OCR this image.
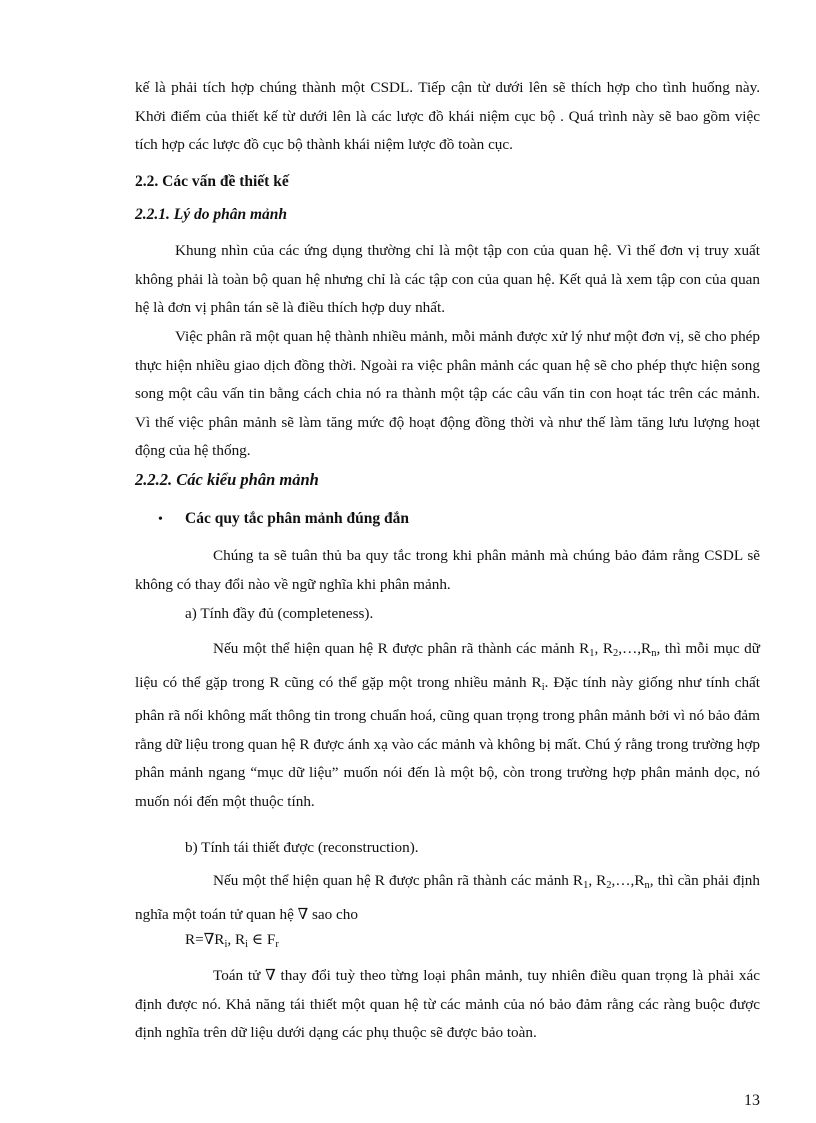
kế là phải tích hợp chúng thành một CSDL. Tiếp cận từ dưới lên sẽ thích hợp cho tình huống này. Khởi điểm của thiết kế từ dưới lên là các lược đồ khái niệm cục bộ . Quá trình này sẽ bao gồm việc tích hợp các lược đồ cục bộ thành khái niệm lược đồ toàn cục.

2.2. Các vấn đề thiết kế

2.2.1. Lý do phân mảnh

Khung nhìn của các ứng dụng thường chỉ là một tập con của quan hệ. Vì thế đơn vị truy xuất không phải là toàn bộ quan hệ nhưng chỉ là các tập con của quan hệ. Kết quả là xem tập con của quan hệ là đơn vị phân tán sẽ là điều thích hợp duy nhất.

Việc phân rã một quan hệ thành nhiều mảnh, mỗi mảnh được xử lý như một đơn vị, sẽ cho phép thực hiện nhiều giao dịch đồng thời. Ngoài ra việc phân mảnh các quan hệ sẽ cho phép thực hiện song song một câu vấn tin bằng cách chia nó ra thành một tập các câu vấn tin con hoạt tác trên các mảnh. Vì thế việc phân mảnh sẽ làm tăng mức độ hoạt động đồng thời và như thế làm tăng lưu lượng hoạt động của hệ thống.

2.2.2. Các kiểu phân mảnh

• Các quy tắc phân mảnh đúng đắn

Chúng ta sẽ tuân thủ ba quy tắc trong khi phân mảnh mà chúng bảo đảm rằng CSDL sẽ không có thay đổi nào về ngữ nghĩa khi phân mảnh.

a) Tính đầy đủ (completeness).

Nếu một thể hiện quan hệ R được phân rã thành các mảnh $R_1$, $R_2,\dots,R_n$, thì mỗi mục dữ liệu có thể gặp trong R cũng có thể gặp một trong nhiều mảnh $R_i$. Đặc tính này giống như tính chất phân rã nối không mất thông tin trong chuẩn hoá, cũng quan trọng trong phân mảnh bởi vì nó bảo đảm rằng dữ liệu trong quan hệ R được ánh xạ vào các mảnh và không bị mất. Chú ý rằng trong trường hợp phân mảnh ngang “mục dữ liệu” muốn nói đến là một bộ, còn trong trường hợp phân mảnh dọc, nó muốn nói đến một thuộc tính.

b) Tính tái thiết được (reconstruction).

Nếu một thể hiện quan hệ R được phân rã thành các mảnh $R_1$, $R_2,\dots,R_n$, thì cần phải định nghĩa một toán tử quan hệ ∇ sao cho

$R=\nabla R_i$, $R_i$ ∈ $F_r$

Toán tử ∇ thay đổi tuỳ theo từng loại phân mảnh, tuy nhiên điều quan trọng là phải xác định được nó. Khả năng tái thiết một quan hệ từ các mảnh của nó bảo đảm rằng các ràng buộc được định nghĩa trên dữ liệu dưới dạng các phụ thuộc sẽ được bảo toàn.

13
